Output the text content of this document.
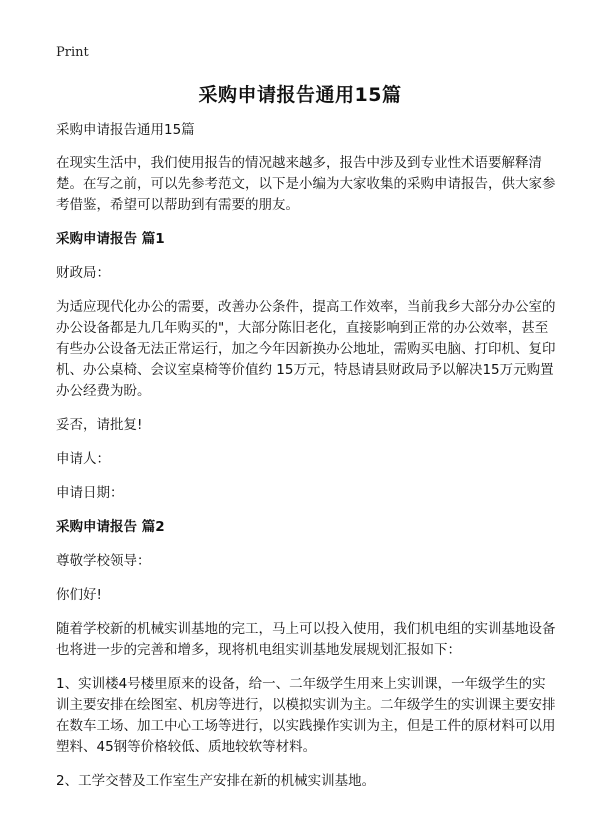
Print
采购申请报告通用15篇

采购申请报告通用15篇

在现实生活中，我们使用报告的情况越来越多，报告中涉及到专业性术语要解释清楚。在写之前，可以先参考范文，以下是小编为大家收集的采购申请报告，供大家参考借鉴，希望可以帮助到有需要的朋友。

采购申请报告 篇1

财政局：

为适应现代化办公的需要，改善办公条件，提高工作效率，当前我乡大部分办公室的办公设备都是九几年购买的"，大部分陈旧老化，直接影响到正常的办公效率，甚至有些办公设备无法正常运行，加之今年因新换办公地址，需购买电脑、打印机、复印机、办公桌椅、会议室桌椅等价值约 15万元，特恳请县财政局予以解决15万元购置办公经费为盼。

妥否，请批复!

申请人：

申请日期：

采购申请报告 篇2

尊敬学校领导：

你们好!

随着学校新的机械实训基地的完工，马上可以投入使用，我们机电组的实训基地设备也将进一步的完善和增多，现将机电组实训基地发展规划汇报如下：

1、实训楼4号楼里原来的设备，给一、二年级学生用来上实训课，一年级学生的实训主要安排在绘图室、机房等进行，以模拟实训为主。二年级学生的实训课主要安排在数车工场、加工中心工场等进行，以实践操作实训为主，但是工件的原材料可以用塑料、45钢等价格较低、质地较软等材料。

2、工学交替及工作室生产安排在新的机械实训基地。
